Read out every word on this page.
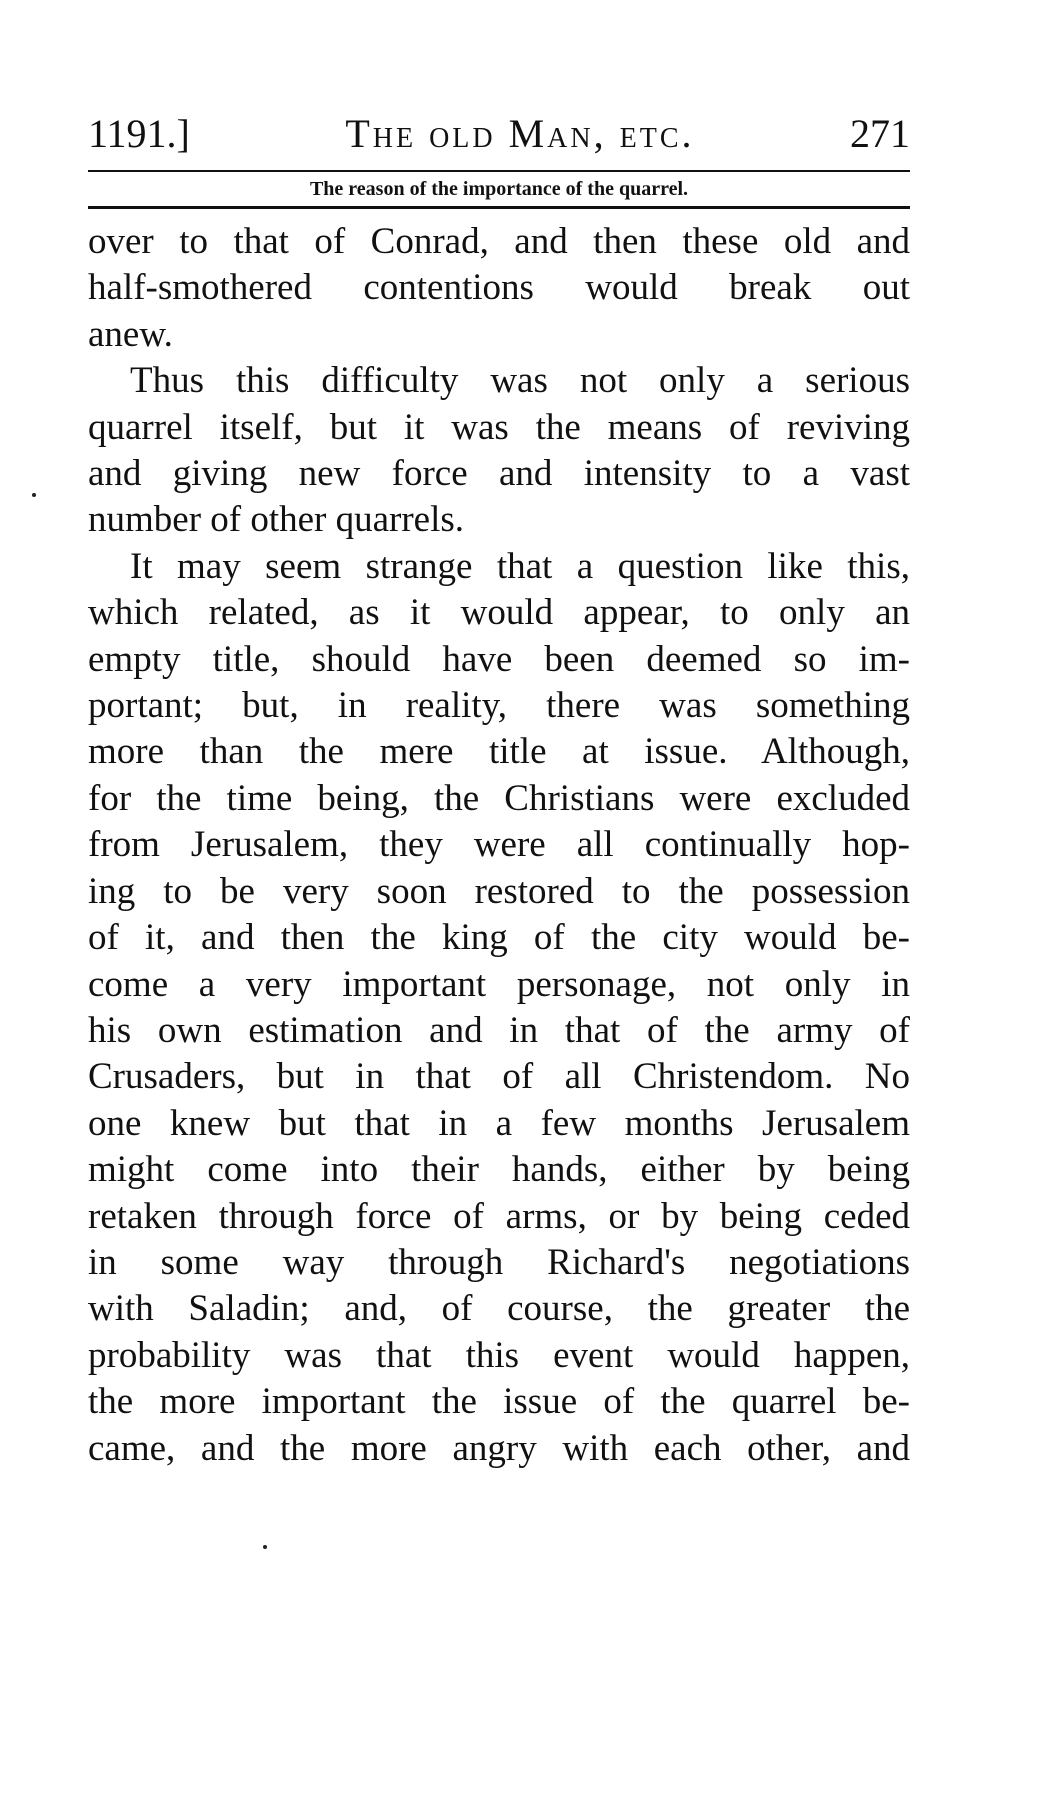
1191.]	The old Man, etc.	271
The reason of the importance of the quarrel.

over to that of Conrad, and then these old and
half-smothered contentions would break out
anew.

Thus this difficulty was not only a serious
quarrel itself, but it was the means of reviving
and giving new force and intensity to a vast
number of other quarrels.

It may seem strange that a question like this,
which related, as it would appear, to only an
empty title, should have been deemed so im-
portant; but, in reality, there was something
more than the mere title at issue. Although,
for the time being, the Christians were excluded
from Jerusalem, they were all continually hop-
ing to be very soon restored to the possession
of it, and then the king of the city would be-
come a very important personage, not only in
his own estimation and in that of the army of
Crusaders, but in that of all Christendom. No
one knew but that in a few months Jerusalem
might come into their hands, either by being
retaken through force of arms, or by being ceded
in some way through Richard's negotiations
with Saladin; and, of course, the greater the
probability was that this event would happen,
the more important the issue of the quarrel be-
came, and the more angry with each other, and
